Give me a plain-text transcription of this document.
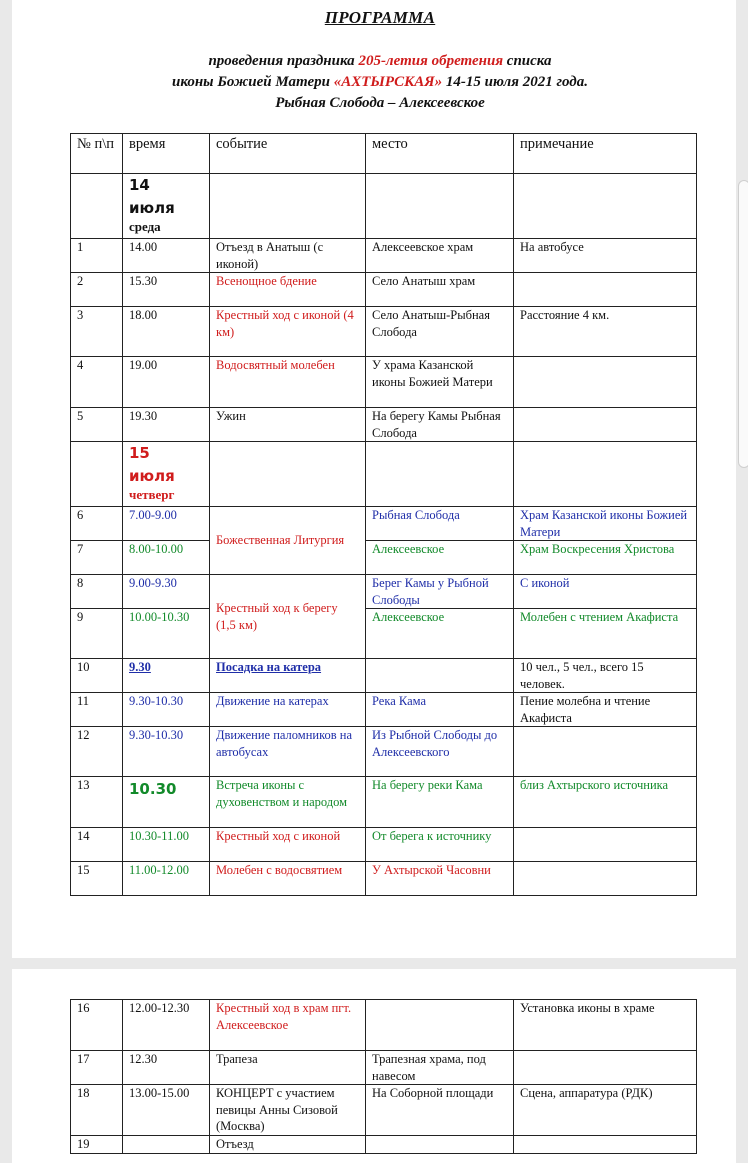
ПРОГРАММА
проведения праздника 205-летия обретения списка
иконы Божией Матери «АХТЫРСКАЯ» 14-15 июля 2021 года.
Рыбная Слобода – Алексеевское
№ п\п	время	событие	место	примечание
	14
июля
среда			

1	14.00	Отъезд в Анатыш (с иконой)	Алексеевское храм	На автобусе
2	15.30	Всенощное бдение	Село Анатыш храм	
3	18.00	Крестный ход с иконой (4 км)	Село Анатыш-Рыбная Слобода	Расстояние 4 км.
4	19.00	Водосвятный молебен	У храма Казанской иконы Божией Матери	
5	19.30	Ужин	На берегу Камы Рыбная Слобода	
	15
июля
четверг			

6	7.00-9.00	Божественная Литургия	Рыбная Слобода	Храм Казанской иконы Божией Матери
7	8.00-10.00		Алексеевское	Храм Воскресения Христова
8	9.00-9.30	Крестный ход к берегу (1,5 км)	Берег Камы у Рыбной Слободы	С иконой
9	10.00-10.30		Алексеевское	Молебен с чтением Акафиста
10	9.30	Посадка на катера		10 чел., 5 чел., всего 15 человек.
11	9.30-10.30	Движение на катерах	Река Кама	Пение молебна и чтение Акафиста
12	9.30-10.30	Движение паломников на автобусах	Из Рыбной Слободы до Алексеевского	
13	10.30	Встреча иконы с духовенством и народом	На берегу реки Кама	близ Ахтырского источника
14	10.30-11.00	Крестный ход с иконой	От берега к источнику	
15	11.00-12.00	Молебен с водосвятием	У Ахтырской Часовни	
16	12.00-12.30	Крестный ход в храм пгт. Алексеевское		Установка иконы в храме
17	12.30	Трапеза	Трапезная храма, под навесом	
18	13.00-15.00	КОНЦЕРТ с участием певицы Анны Сизовой (Москва)	На Соборной площади	Сцена, аппаратура (РДК)
19		Отъезд		
